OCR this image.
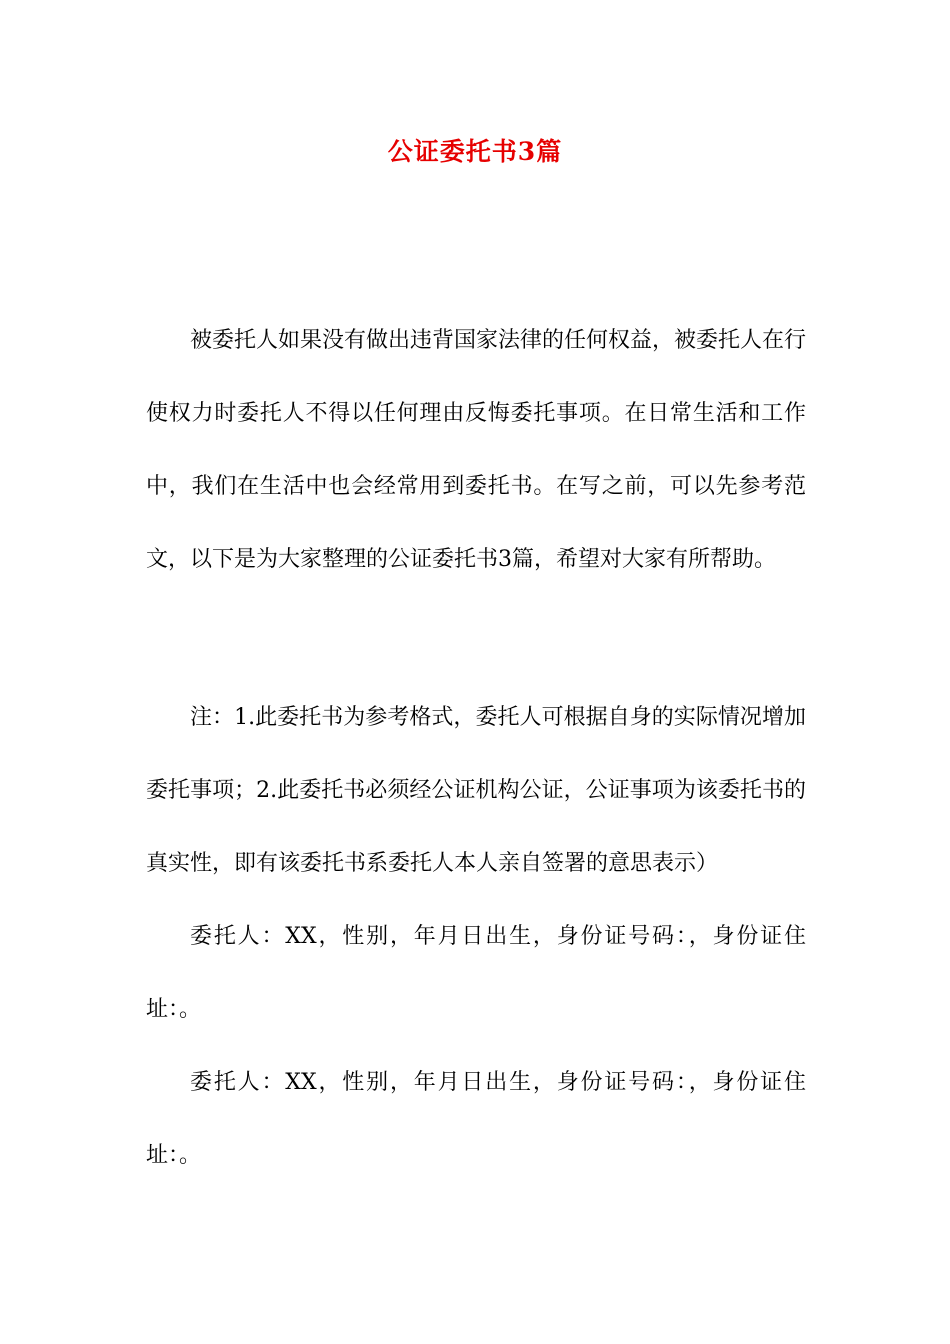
公证委托书3篇

被委托人如果没有做出违背国家法律的任何权益，被委托人在行使权力时委托人不得以任何理由反悔委托事项。在日常生活和工作中，我们在生活中也会经常用到委托书。在写之前，可以先参考范文，以下是为大家整理的公证委托书3篇，希望对大家有所帮助。

注：1.此委托书为参考格式，委托人可根据自身的实际情况增加委托事项；2.此委托书必须经公证机构公证，公证事项为该委托书的真实性，即有该委托书系委托人本人亲自签署的意思表示）

委托人：XX，性别，年月日出生，身份证号码：，身份证住址：。

委托人：XX，性别，年月日出生，身份证号码：，身份证住址：。
